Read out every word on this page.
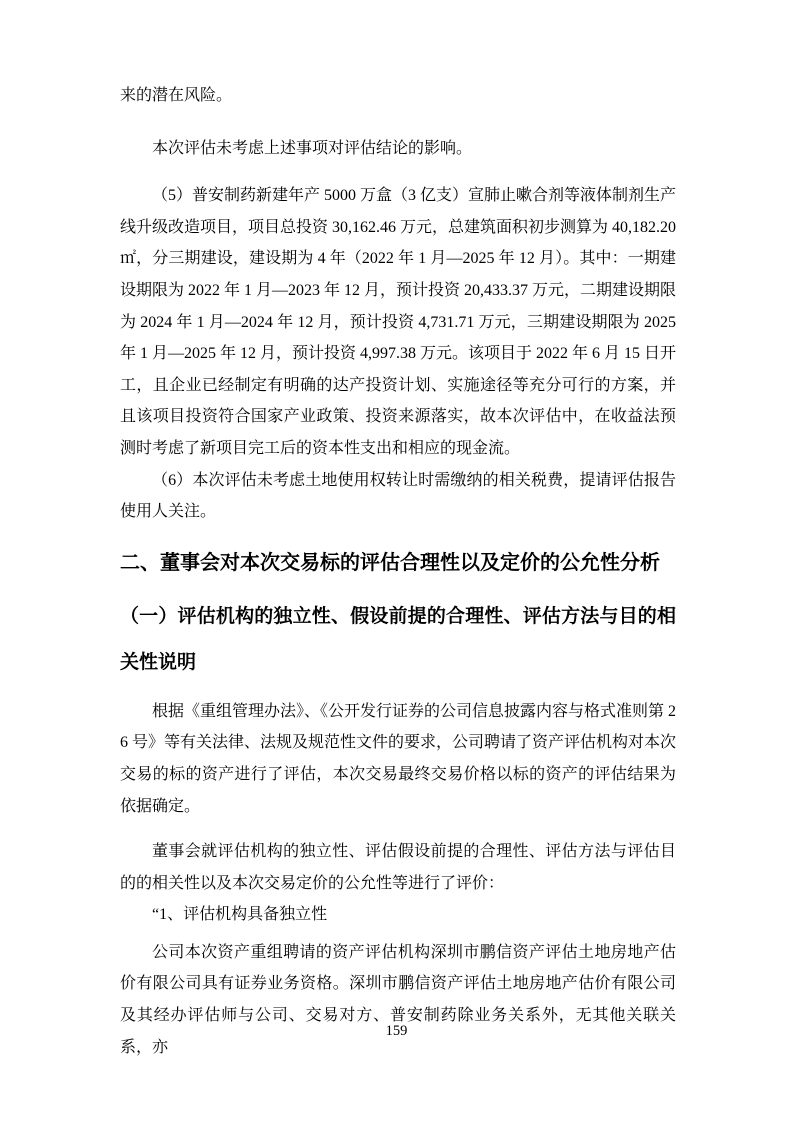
来的潜在风险。

本次评估未考虑上述事项对评估结论的影响。

（5）普安制药新建年产 5000 万盒（3 亿支）宣肺止嗽合剂等液体制剂生产线升级改造项目，项目总投资 30,162.46 万元，总建筑面积初步测算为 40,182.20 ㎡，分三期建设，建设期为 4 年（2022 年 1 月—2025 年 12 月）。其中：一期建设期限为 2022 年 1 月—2023 年 12 月，预计投资 20,433.37 万元，二期建设期限为 2024 年 1 月—2024 年 12 月，预计投资 4,731.71 万元，三期建设期限为 2025 年 1 月—2025 年 12 月，预计投资 4,997.38 万元。该项目于 2022 年 6 月 15 日开工，且企业已经制定有明确的达产投资计划、实施途径等充分可行的方案，并且该项目投资符合国家产业政策、投资来源落实，故本次评估中，在收益法预测时考虑了新项目完工后的资本性支出和相应的现金流。

（6）本次评估未考虑土地使用权转让时需缴纳的相关税费，提请评估报告使用人关注。

二、董事会对本次交易标的评估合理性以及定价的公允性分析
（一）评估机构的独立性、假设前提的合理性、评估方法与目的相关性说明

根据《重组管理办法》、《公开发行证券的公司信息披露内容与格式准则第 26 号》等有关法律、法规及规范性文件的要求，公司聘请了资产评估机构对本次交易的标的资产进行了评估，本次交易最终交易价格以标的资产的评估结果为依据确定。

董事会就评估机构的独立性、评估假设前提的合理性、评估方法与评估目的的相关性以及本次交易定价的公允性等进行了评价：

“1、评估机构具备独立性

公司本次资产重组聘请的资产评估机构深圳市鹏信资产评估土地房地产估价有限公司具有证券业务资格。深圳市鹏信资产评估土地房地产估价有限公司及其经办评估师与公司、交易对方、普安制药除业务关系外，无其他关联关系，亦

159
